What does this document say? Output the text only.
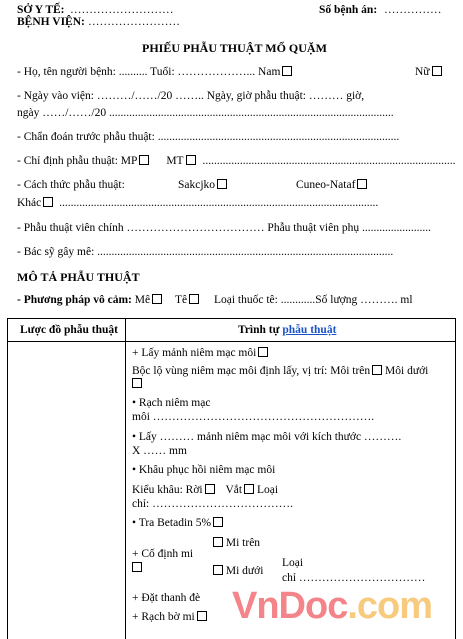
SỞ Y TẾ: ………………………
BỆNH VIỆN: ……………………
Số bệnh án: ……………
PHIẾU PHẪU THUẬT MỔ QUẶM
- Họ, tên người bệnh: .......... Tuổi: ………………... Nam	Nữ
- Ngày vào viện: ………/……/20 …….. Ngày, giờ phẫu thuật: ……… giờ,
ngày ……/……/20 ...................................................................................................
- Chẩn đoán trước phẫu thuật: ....................................................................................
- Chỉ định phẫu thuật: MP	MT ........................................................................................
- Cách thức phẫu thuật:	Sakcjko	Cuneo-Nataf
Khác ...............................................................................................................
- Phẫu thuật viên chính ……………………………… Phẫu thuật viên phụ ........................
- Bác sỹ gây mê: .......................................................................................................
MÔ TẢ PHẪU THUẬT
- Phương pháp vô cảm: Mê Tê Loại thuốc tê: ............Số lượng ………. ml
Lược đồ phẫu thuật	Trình tự phẫu thuật
+ Lấy mảnh niêm mạc môi
Bộc lộ vùng niêm mạc môi định lấy, vị trí: Môi trên Môi dưới
• Rạch niêm mạc
môi ………………………………………………….
• Lấy ……… mảnh niêm mạc môi với kích thước ……….
X …… mm
• Khâu phục hồi niêm mạc môi
Kiểu khâu: Rời Vắt Loại
chỉ: ……………………………….
• Tra Betadin 5%
Mi trên
+ Cố định mi
Mi dưới
Loại
chỉ ……………………………
+ Đặt thanh đè
+ Rạch bờ mi VnDoc.com
